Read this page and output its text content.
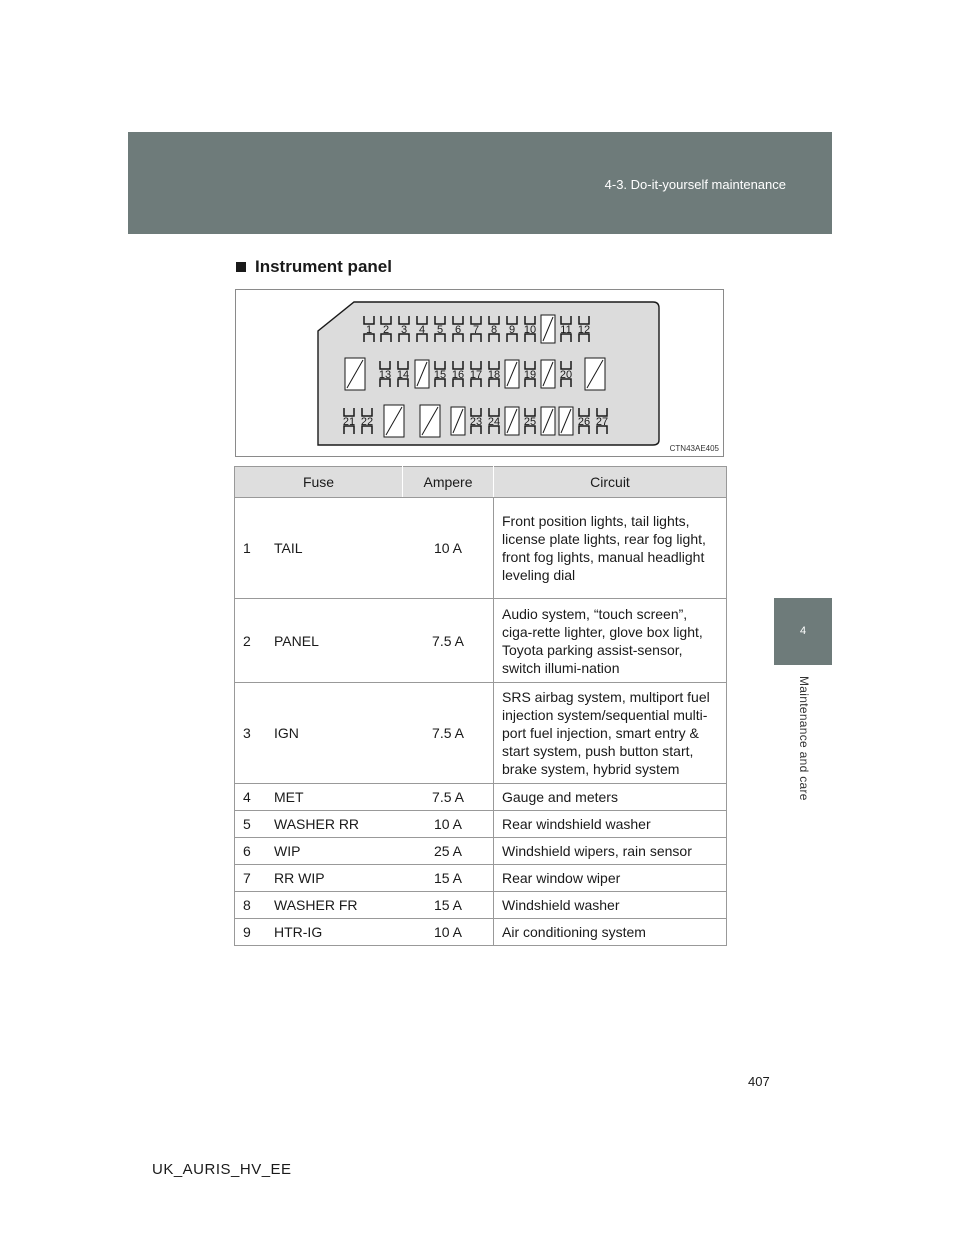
4-3. Do-it-yourself maintenance
4
Maintenance and care
Instrument panel
1 2 3 4 5 6 7 8 9 10 11 12
13 14 15 16 17 18 19 20
21 22	23 24 25	26 27
CTN43AE405
Fuse		Ampere	Circuit
1	TAIL	10 A	Front position lights, tail lights, license plate lights, rear fog light, front fog lights, manual headlight leveling dial
2	PANEL	7.5 A	Audio system, “touch screen”, ciga-rette lighter, glove box light, Toyota parking assist-sensor, switch illumi-nation
3	IGN	7.5 A	SRS airbag system, multiport fuel injection system/sequential multi-port fuel injection, smart entry & start system, push button start, brake system, hybrid system
4	MET	7.5 A	Gauge and meters
5	WASHER RR	10 A	Rear windshield washer
6	WIP	25 A	Windshield wipers, rain sensor
7	RR WIP	15 A	Rear window wiper
8	WASHER FR	15 A	Windshield washer
9	HTR-IG	10 A	Air conditioning system
407
UK_AURIS_HV_EE
